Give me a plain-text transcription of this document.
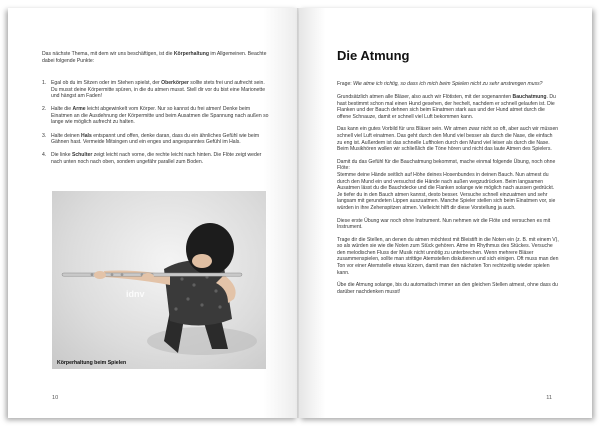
Das nächste Thema, mit dem wir uns beschäftigen, ist die Körperhaltung im Allgemeinen. Beachte dabei folgende Punkte:

1. Egal ob du im Sitzen oder im Stehen spielst, der Oberkörper sollte stets frei und aufrecht sein. Du musst deine Körpermitte spüren, in die du atmen musst. Stell dir vor du bist eine Marionette und hängst am Faden!
2. Halte die Arme leicht abgewinkelt vom Körper. Nur so kannst du frei atmen! Denke beim Einatmen an die Ausdehnung der Körpermitte und beim Ausatmen die Spannung nach außen so lange wie möglich aufrecht zu halten.
3. Halte deinen Hals entspannt und offen, denke daran, dass du ein ähnliches Gefühl wie beim Gähnen hast. Vermeide Mitsingen und ein enges und angespanntes Gefühl im Hals.
4. Die linke Schulter zeigt leicht nach vorne, die rechte leicht nach hinten. Die Flöte zeigt weder nach unten noch nach oben, sondern ungefähr parallel zum Boden.
idnv
Körperhaltung beim Spielen
10
Die Atmung

Frage: Wie atme ich richtig, so dass ich mich beim Spielen nicht zu sehr anstrengen muss?

Grundsätzlich atmen alle Bläser, also auch wir Flötisten, mit der sogenannten Bauchatmung. Du hast bestimmt schon mal einen Hund gesehen, der hechelt, nachdem er schnell gelaufen ist. Die Flanken und der Bauch dehnen sich beim Einatmen stark aus und der Hund atmet durch die offene Schnauze, damit er schnell viel Luft bekommen kann.

Das kann ein gutes Vorbild für uns Bläser sein. Wir atmen zwar nicht so oft, aber auch wir müssen schnell viel Luft einatmen. Das geht durch den Mund viel besser als durch die Nase, die einfach zu eng ist. Außerdem ist das schnelle Luftholen durch den Mund viel leiser als durch die Nase. Beim Musikhören wollen wir schließlich die Töne hören und nicht das laute Atmen des Spielers.

Damit du das Gefühl für die Bauchatmung bekommst, mache einmal folgende Übung, noch ohne Flöte:
Stemme deine Hände seitlich auf Höhe deines Hosenbundes in deinen Bauch. Nun atmest du durch den Mund ein und versuchst die Hände nach außen wegzudrücken. Beim langsamen Ausatmen lässt du die Bauchdecke und die Flanken solange wie möglich nach aussen gedrückt. Je tiefer du in den Bauch atmen kannst, desto besser. Versuche schnell einzuatmen und sehr langsam mit gerundeten Lippen auszuatmen. Manche Spieler stellen sich beim Einatmen vor, sie würden in ihre Zehenspitzen atmen. Vielleicht hilft dir diese Vorstellung ja auch.

Diese erste Übung war noch ohne Instrument. Nun nehmen wir die Flöte und versuchen es mit Instrument.

Trage dir die Stellen, an denen du atmen möchtest mit Bleistift in die Noten ein (z. B. mit einem V), so als würden sie wie die Noten zum Stück gehören. Atme im Rhythmus des Stückes. Versuche den melodischen Fluss der Musik nicht unnötig zu unterbrechen. Wenn mehrere Bläser zusammenspielen, sollte man strittige Atemstellen diskutieren und sich einigen. Oft muss man den Ton vor einer Atemstelle etwas kürzen, damit man den nächsten Ton rechtzeitig wieder spielen kann.

Übe die Atmung solange, bis du automatisch immer an den gleichen Stellen atmest, ohne dass du darüber nachdenken musst!

11
